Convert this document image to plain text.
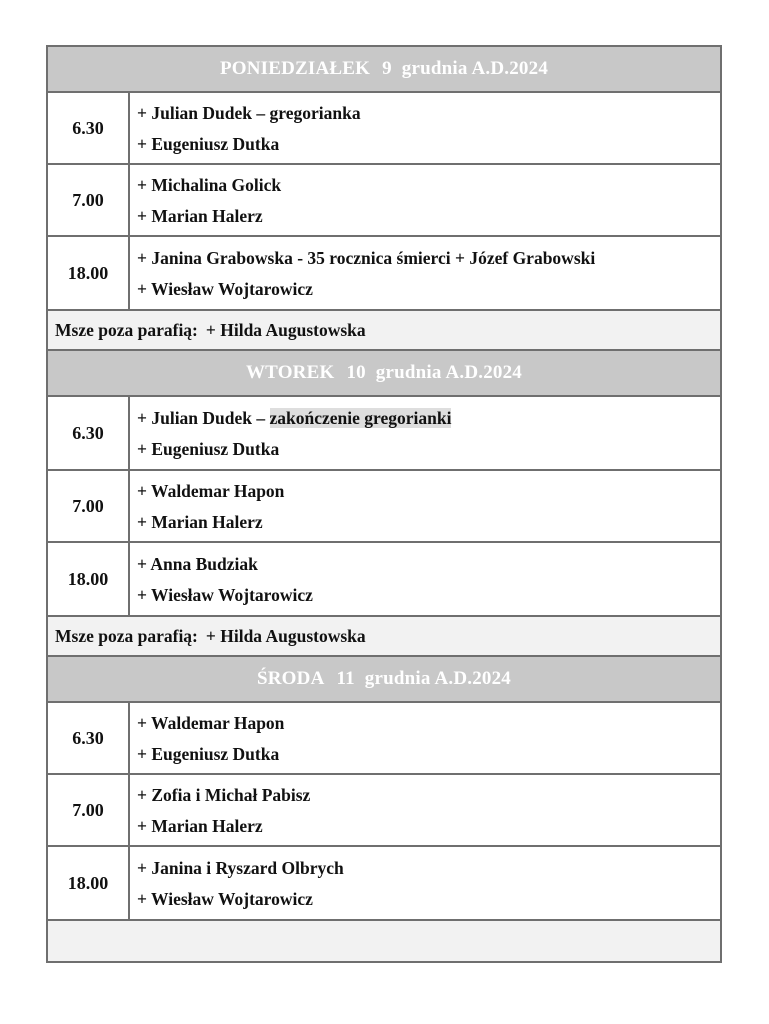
PONIEDZIAŁEK 9  grudnia A.D.2024
6.30
+ Julian Dudek – gregorianka
+ Eugeniusz Dutka
7.00
+ Michalina Golick
+ Marian Halerz
18.00
+ Janina Grabowska - 35 rocznica śmierci + Józef Grabowski
+ Wiesław Wojtarowicz
Msze poza parafią: + Hilda Augustowska
WTOREK 10  grudnia A.D.2024
6.30
+ Julian Dudek – zakończenie gregorianki
+ Eugeniusz Dutka
7.00
+ Waldemar Hapon
+ Marian Halerz
18.00
+ Anna Budziak
+ Wiesław Wojtarowicz
Msze poza parafią: + Hilda Augustowska
ŚRODA 11  grudnia A.D.2024
6.30
+ Waldemar Hapon
+ Eugeniusz Dutka
7.00
+ Zofia i Michał Pabisz
+ Marian Halerz
18.00
+ Janina i Ryszard Olbrych
+ Wiesław Wojtarowicz
